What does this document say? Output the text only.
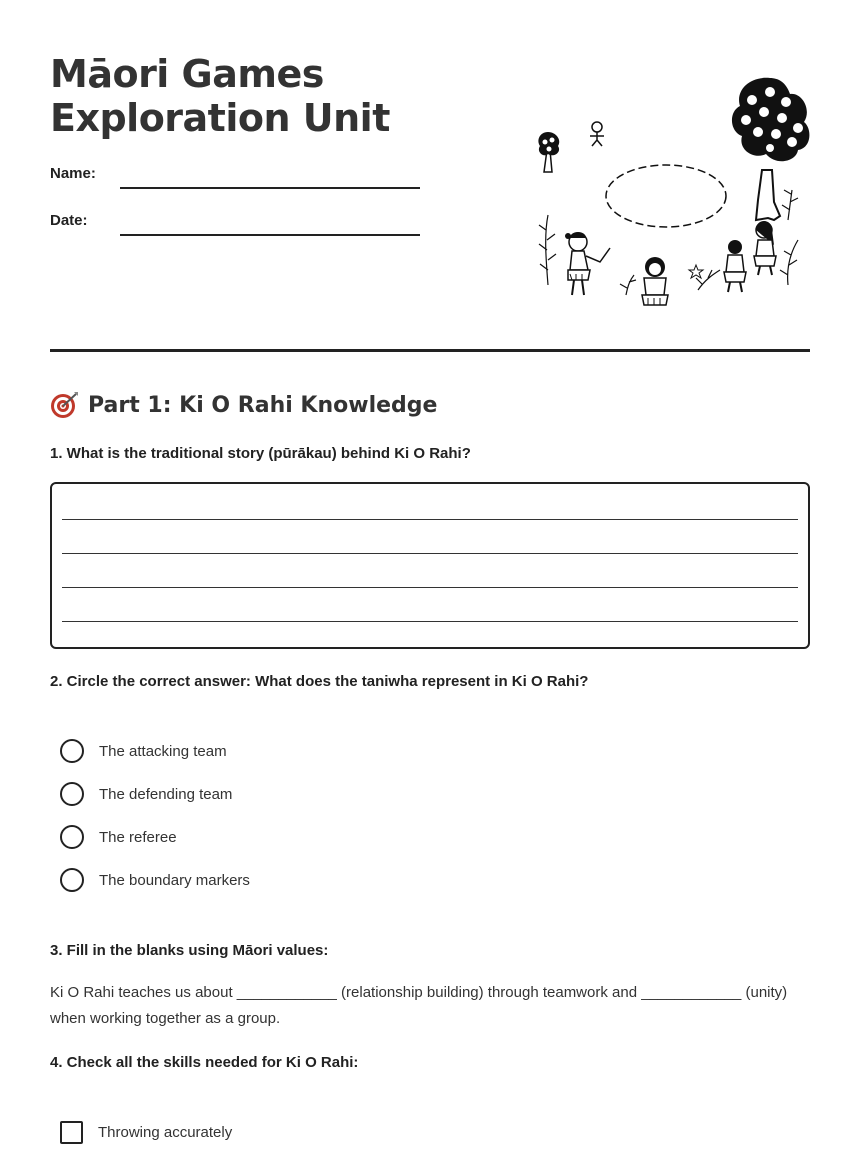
Māori Games
Exploration Unit
Name:
Date:
Part 1: Ki O Rahi Knowledge
1. What is the traditional story (pūrākau) behind Ki O Rahi?
2. Circle the correct answer: What does the taniwha represent in Ki O Rahi?
The attacking team
The defending team
The referee
The boundary markers
3. Fill in the blanks using Māori values:
Ki O Rahi teaches us about ____________ (relationship building) through teamwork and ____________ (unity) when working together as a group.
4. Check all the skills needed for Ki O Rahi:
Throwing accurately
